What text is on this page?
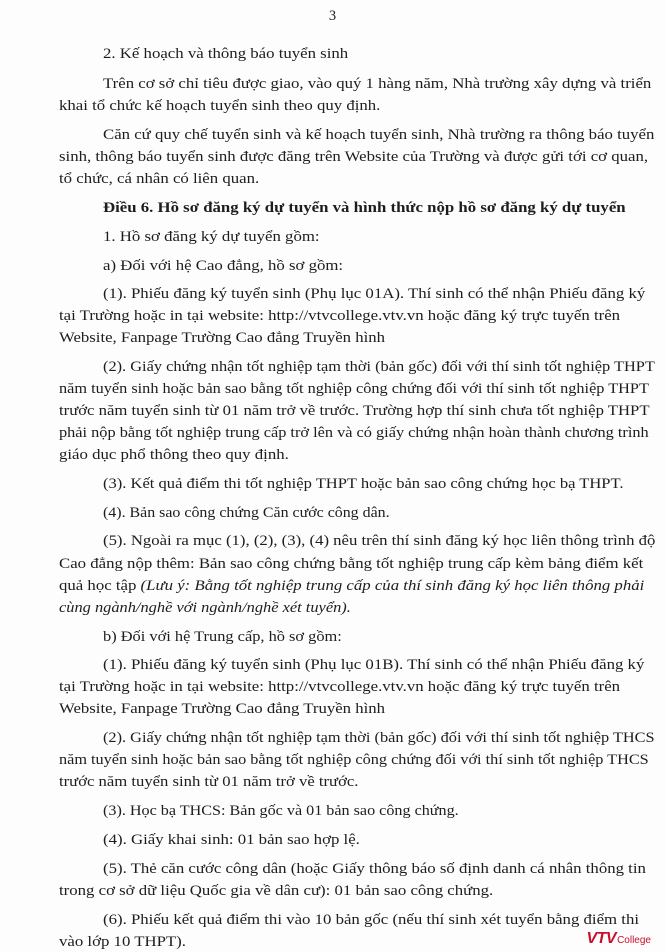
3
2. Kế hoạch và thông báo tuyển sinh
Trên cơ sở chỉ tiêu được giao, vào quý 1 hàng năm, Nhà trường xây dựng và triển
khai tổ chức kế hoạch tuyển sinh theo quy định.
Căn cứ quy chế tuyển sinh và kế hoạch tuyển sinh, Nhà trường ra thông báo tuyển
sinh, thông báo tuyển sinh được đăng trên Website của Trường và được gửi tới cơ quan,
tổ chức, cá nhân có liên quan.
Điều 6. Hồ sơ đăng ký dự tuyển và hình thức nộp hồ sơ đăng ký dự tuyển
1. Hồ sơ đăng ký dự tuyển gồm:
a) Đối với hệ Cao đẳng, hồ sơ gồm:
(1). Phiếu đăng ký tuyển sinh (Phụ lục 01A). Thí sinh có thể nhận Phiếu đăng ký
tại Trường hoặc in tại website: http://vtvcollege.vtv.vn hoặc đăng ký trực tuyến trên
Website, Fanpage Trường Cao đẳng Truyền hình
(2). Giấy chứng nhận tốt nghiệp tạm thời (bản gốc) đối với thí sinh tốt nghiệp THPT
năm tuyển sinh hoặc bản sao bằng tốt nghiệp công chứng đối với thí sinh tốt nghiệp THPT
trước năm tuyển sinh từ 01 năm trở về trước. Trường hợp thí sinh chưa tốt nghiệp THPT
phải nộp bằng tốt nghiệp trung cấp trở lên và có giấy chứng nhận hoàn thành chương trình
giáo dục phổ thông theo quy định.
(3). Kết quả điểm thi tốt nghiệp THPT hoặc bản sao công chứng học bạ THPT.
(4). Bản sao công chứng Căn cước công dân.
(5). Ngoài ra mục (1), (2), (3), (4) nêu trên thí sinh đăng ký học liên thông trình độ
Cao đẳng nộp thêm: Bản sao công chứng bằng tốt nghiệp trung cấp kèm bảng điểm kết
quả học tập (Lưu ý: Bằng tốt nghiệp trung cấp của thí sinh đăng ký học liên thông phải
cùng ngành/nghề với ngành/nghề xét tuyển).
b) Đối với hệ Trung cấp, hồ sơ gồm:
(1). Phiếu đăng ký tuyển sinh (Phụ lục 01B). Thí sinh có thể nhận Phiếu đăng ký
tại Trường hoặc in tại website: http://vtvcollege.vtv.vn hoặc đăng ký trực tuyến trên
Website, Fanpage Trường Cao đẳng Truyền hình
(2). Giấy chứng nhận tốt nghiệp tạm thời (bản gốc) đối với thí sinh tốt nghiệp THCS
năm tuyển sinh hoặc bản sao bằng tốt nghiệp công chứng đối với thí sinh tốt nghiệp THCS
trước năm tuyển sinh từ 01 năm trở về trước.
(3). Học bạ THCS: Bản gốc và 01 bản sao công chứng.
(4). Giấy khai sinh: 01 bản sao hợp lệ.
(5). Thẻ căn cước công dân (hoặc Giấy thông báo số định danh cá nhân thông tin
trong cơ sở dữ liệu Quốc gia về dân cư): 01 bản sao công chứng.
(6). Phiếu kết quả điểm thi vào 10 bản gốc (nếu thí sinh xét tuyển bằng điểm thi
vào lớp 10 THPT).	VTV College
